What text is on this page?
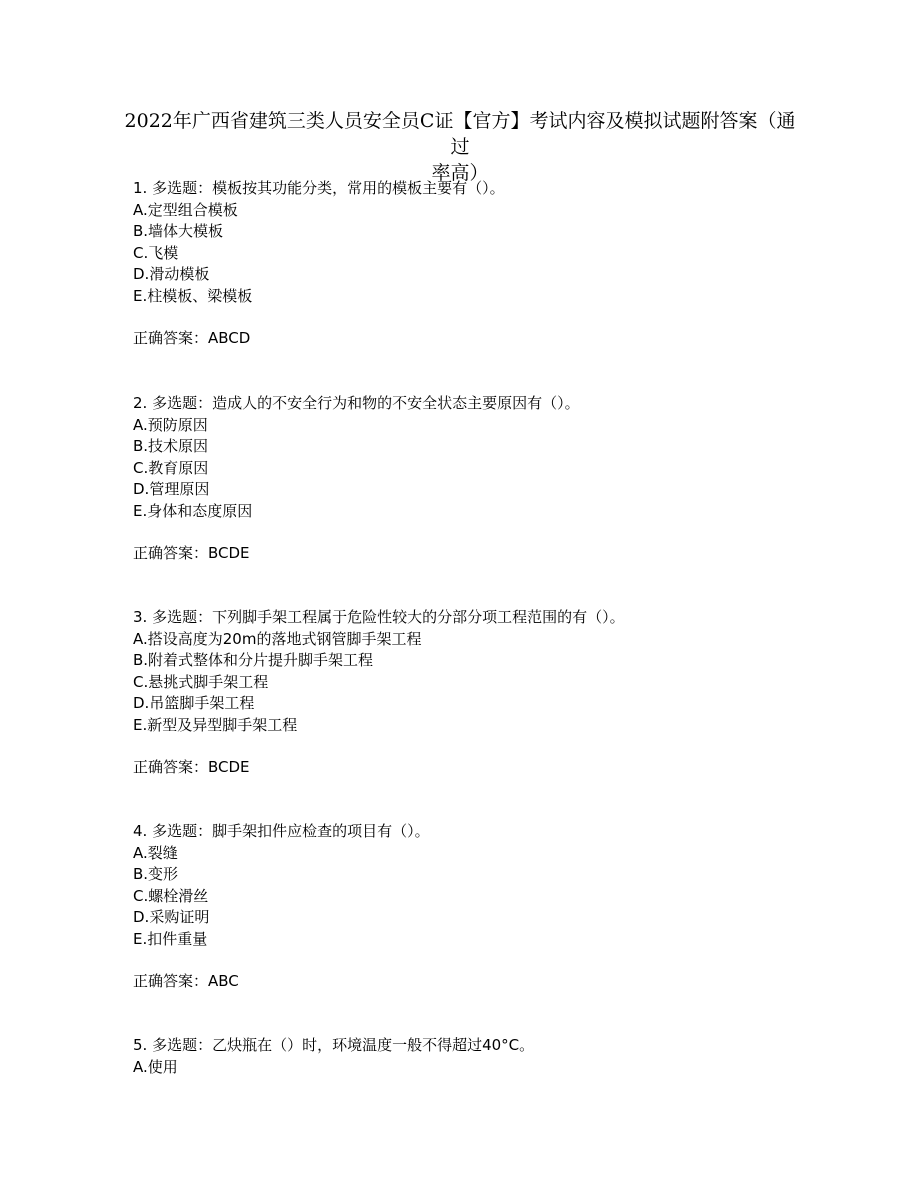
2022年广西省建筑三类人员安全员C证【官方】考试内容及模拟试题附答案（通过
率高）
1. 多选题：模板按其功能分类，常用的模板主要有（）。
A.定型组合模板
B.墙体大模板
C.飞模
D.滑动模板
E.柱模板、梁模板
正确答案：ABCD
2. 多选题：造成人的不安全行为和物的不安全状态主要原因有（）。
A.预防原因
B.技术原因
C.教育原因
D.管理原因
E.身体和态度原因
正确答案：BCDE
3. 多选题：下列脚手架工程属于危险性较大的分部分项工程范围的有（）。
A.搭设高度为20m的落地式钢管脚手架工程
B.附着式整体和分片提升脚手架工程
C.悬挑式脚手架工程
D.吊篮脚手架工程
E.新型及异型脚手架工程
正确答案：BCDE
4. 多选题：脚手架扣件应检查的项目有（）。
A.裂缝
B.变形
C.螺栓滑丝
D.采购证明
E.扣件重量
正确答案：ABC
5. 多选题：乙炔瓶在（）时，环境温度一般不得超过40°C。
A.使用
